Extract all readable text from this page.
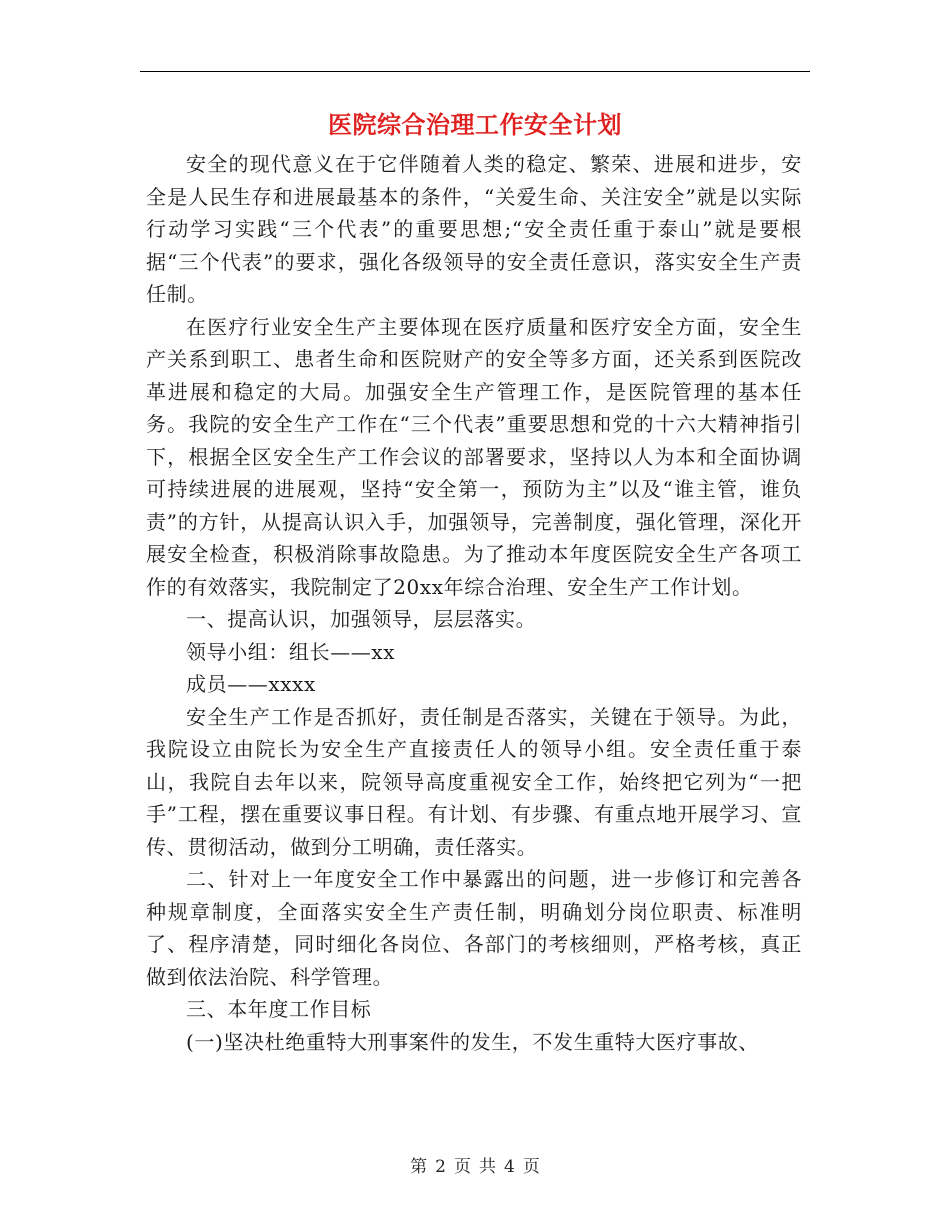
医院综合治理工作安全计划

安全的现代意义在于它伴随着人类的稳定、繁荣、进展和进步，安全是人民生存和进展最基本的条件，“关爱生命、关注安全”就是以实际行动学习实践“三个代表”的重要思想;“安全责任重于泰山”就是要根据“三个代表”的要求，强化各级领导的安全责任意识，落实安全生产责任制。

在医疗行业安全生产主要体现在医疗质量和医疗安全方面，安全生产关系到职工、患者生命和医院财产的安全等多方面，还关系到医院改革进展和稳定的大局。加强安全生产管理工作，是医院管理的基本任务。我院的安全生产工作在“三个代表”重要思想和党的十六大精神指引下，根据全区安全生产工作会议的部署要求，坚持以人为本和全面协调可持续进展的进展观，坚持“安全第一，预防为主”以及“谁主管，谁负责”的方针，从提高认识入手，加强领导，完善制度，强化管理，深化开展安全检查，积极消除事故隐患。为了推动本年度医院安全生产各项工作的有效落实，我院制定了20xx年综合治理、安全生产工作计划。

一、提高认识，加强领导，层层落实。

领导小组：组长——xx

成员——xxxx

安全生产工作是否抓好，责任制是否落实，关键在于领导。为此，我院设立由院长为安全生产直接责任人的领导小组。安全责任重于泰山，我院自去年以来，院领导高度重视安全工作，始终把它列为“一把手”工程，摆在重要议事日程。有计划、有步骤、有重点地开展学习、宣传、贯彻活动，做到分工明确，责任落实。

二、针对上一年度安全工作中暴露出的问题，进一步修订和完善各种规章制度，全面落实安全生产责任制，明确划分岗位职责、标准明了、程序清楚，同时细化各岗位、各部门的考核细则，严格考核，真正做到依法治院、科学管理。

三、本年度工作目标

(一)坚决杜绝重特大刑事案件的发生，不发生重特大医疗事故、

第 2 页 共 4 页
